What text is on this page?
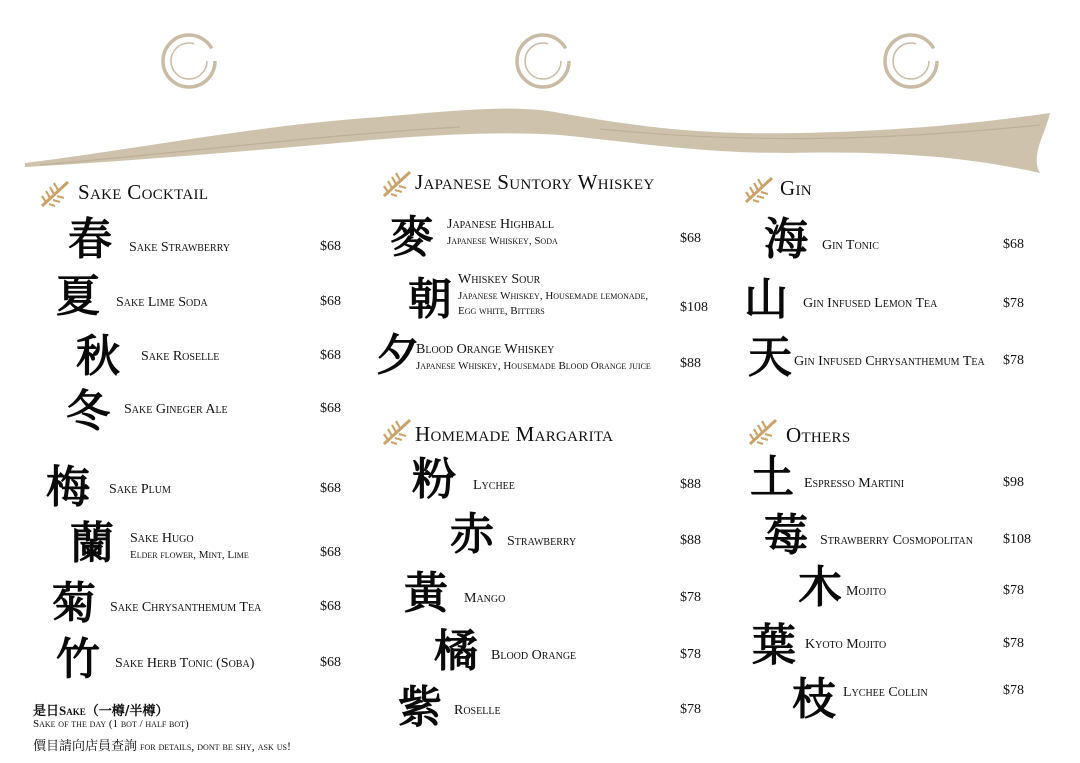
Sake Cocktail
春 Sake Strawberry	$68
夏 Sake Lime Soda	$68
秋 Sake Roselle	$68
冬 Sake Gineger Ale	$68
梅 Sake Plum	$68
蘭 Sake Hugo
Elder flower, Mint, Lime	$68
菊 Sake Chrysanthemum Tea	$68
竹 Sake Herb Tonic (Soba)	$68
是日Sake（一樽/半樽）
Sake of the day (1 bot / half bot)
價目請向店員查詢 for details, dont be shy, ask us!
Japanese Suntory Whiskey
麥 Japanese Highball
Japanese Whiskey, Soda	$68
朝 Whiskey Sour
Japanese Whiskey, Housemade lemonade,
Egg white, Bitters	$108
夕
Blood Orange Whiskey
Japanese Whiskey, Housemade Blood Orange juice $88
Homemade Margarita
粉 Lychee	$88
赤 Strawberry	$88
黃 Mango	$78
橘 Blood Orange	$78
紫 Roselle	$78
Gin
海 Gin Tonic	$68
山 Gin Infused Lemon Tea	$78
天 Gin Infused Chrysanthemum Tea $78
Others
土 Espresso Martini	$98
莓 Strawberry Cosmopolitan $108
木 Mojito	$78
葉 Kyoto Mojito	$78
枝 Lychee Collin	$78
